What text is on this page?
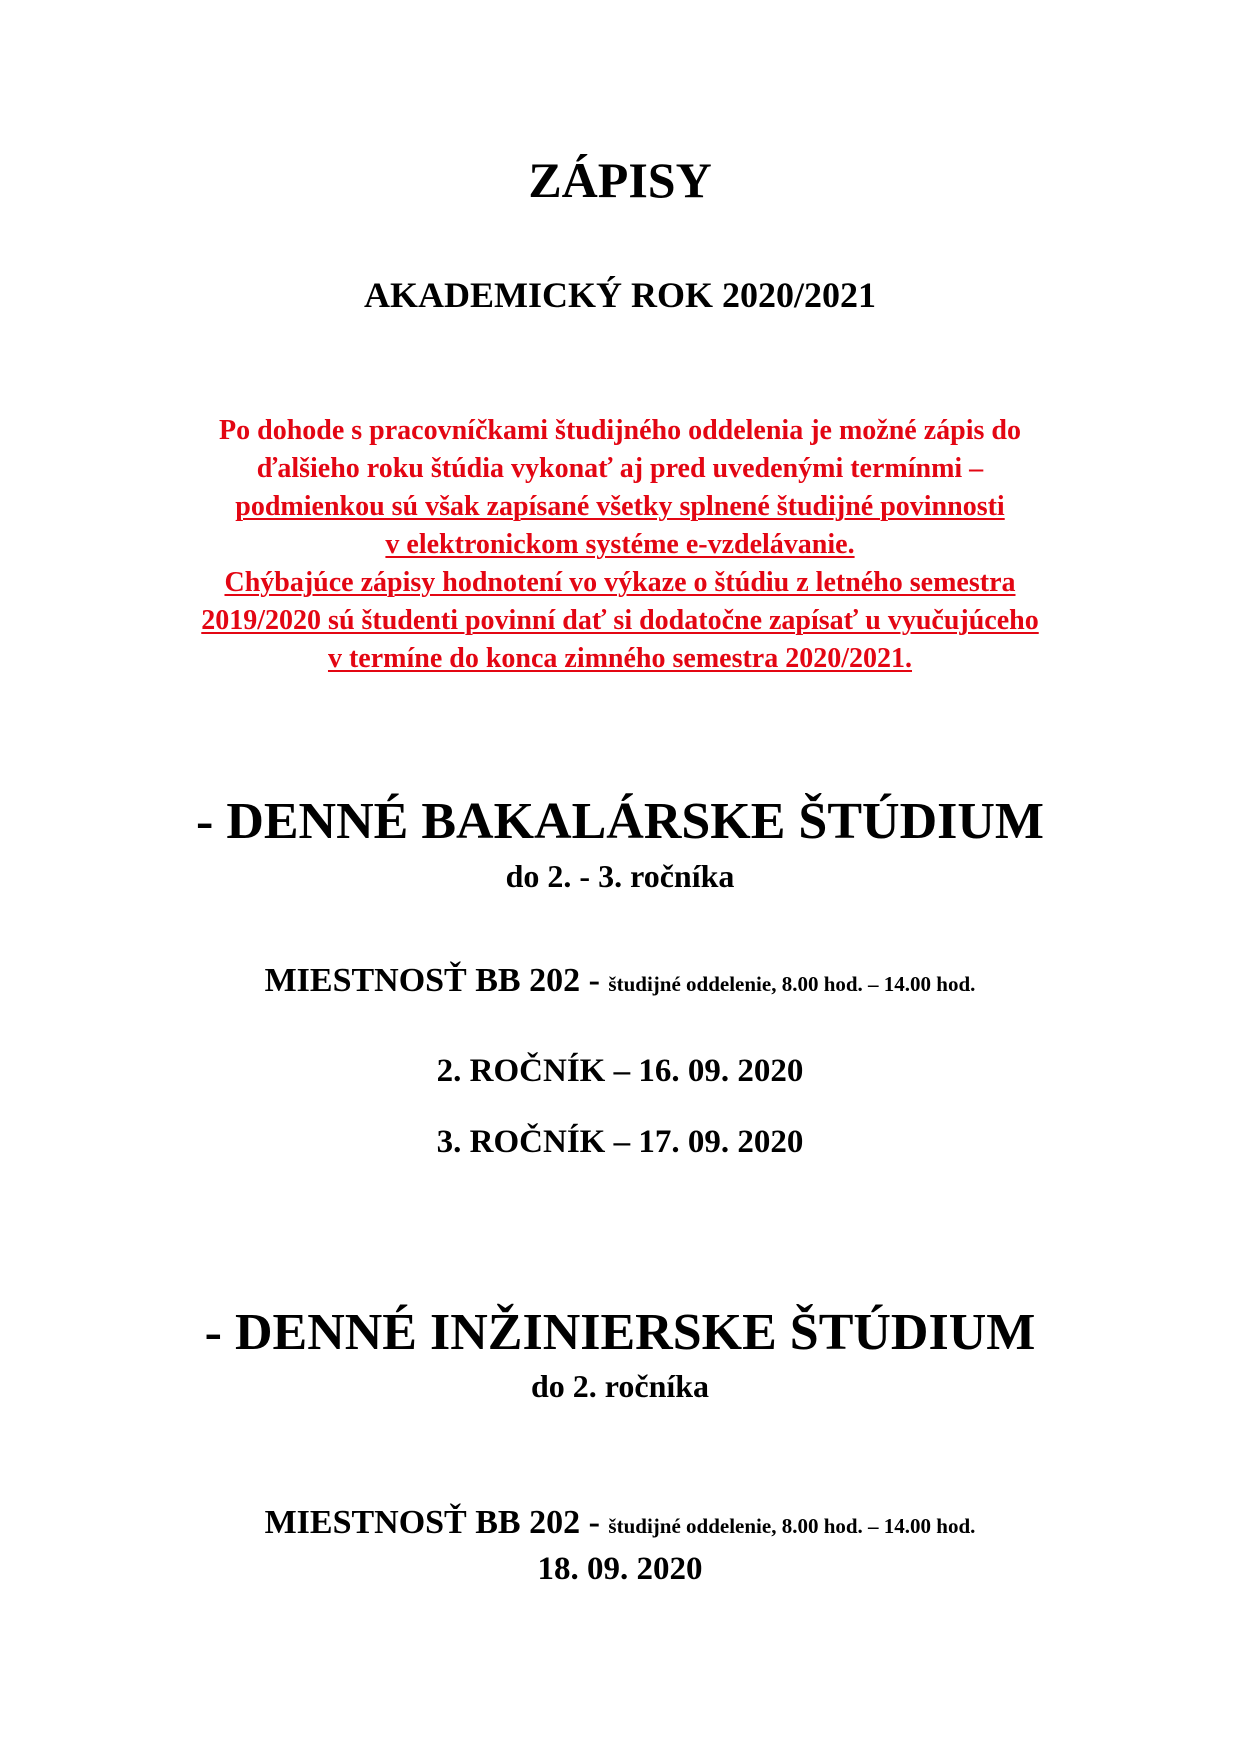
ZÁPISY
AKADEMICKÝ ROK 2020/2021
Po dohode s pracovníčkami študijného oddelenia je možné zápis do
ďalšieho roku štúdia vykonať aj pred uvedenými termínmi –
podmienkou sú však zapísané všetky splnené študijné povinnosti
v elektronickom systéme e-vzdelávanie.
Chýbajúce zápisy hodnotení vo výkaze o štúdiu z letného semestra
2019/2020 sú študenti povinní dať si dodatočne zapísať u vyučujúceho
v termíne do konca zimného semestra 2020/2021.
- DENNÉ BAKALÁRSKE ŠTÚDIUM
do 2. - 3. ročníka
MIESTNOSŤ BB 202 - študijné oddelenie, 8.00 hod. – 14.00 hod.
2. ROČNÍK – 16. 09. 2020
3. ROČNÍK – 17. 09. 2020
- DENNÉ INŽINIERSKE ŠTÚDIUM
do 2. ročníka
MIESTNOSŤ BB 202 - študijné oddelenie, 8.00 hod. – 14.00 hod.
18. 09. 2020
